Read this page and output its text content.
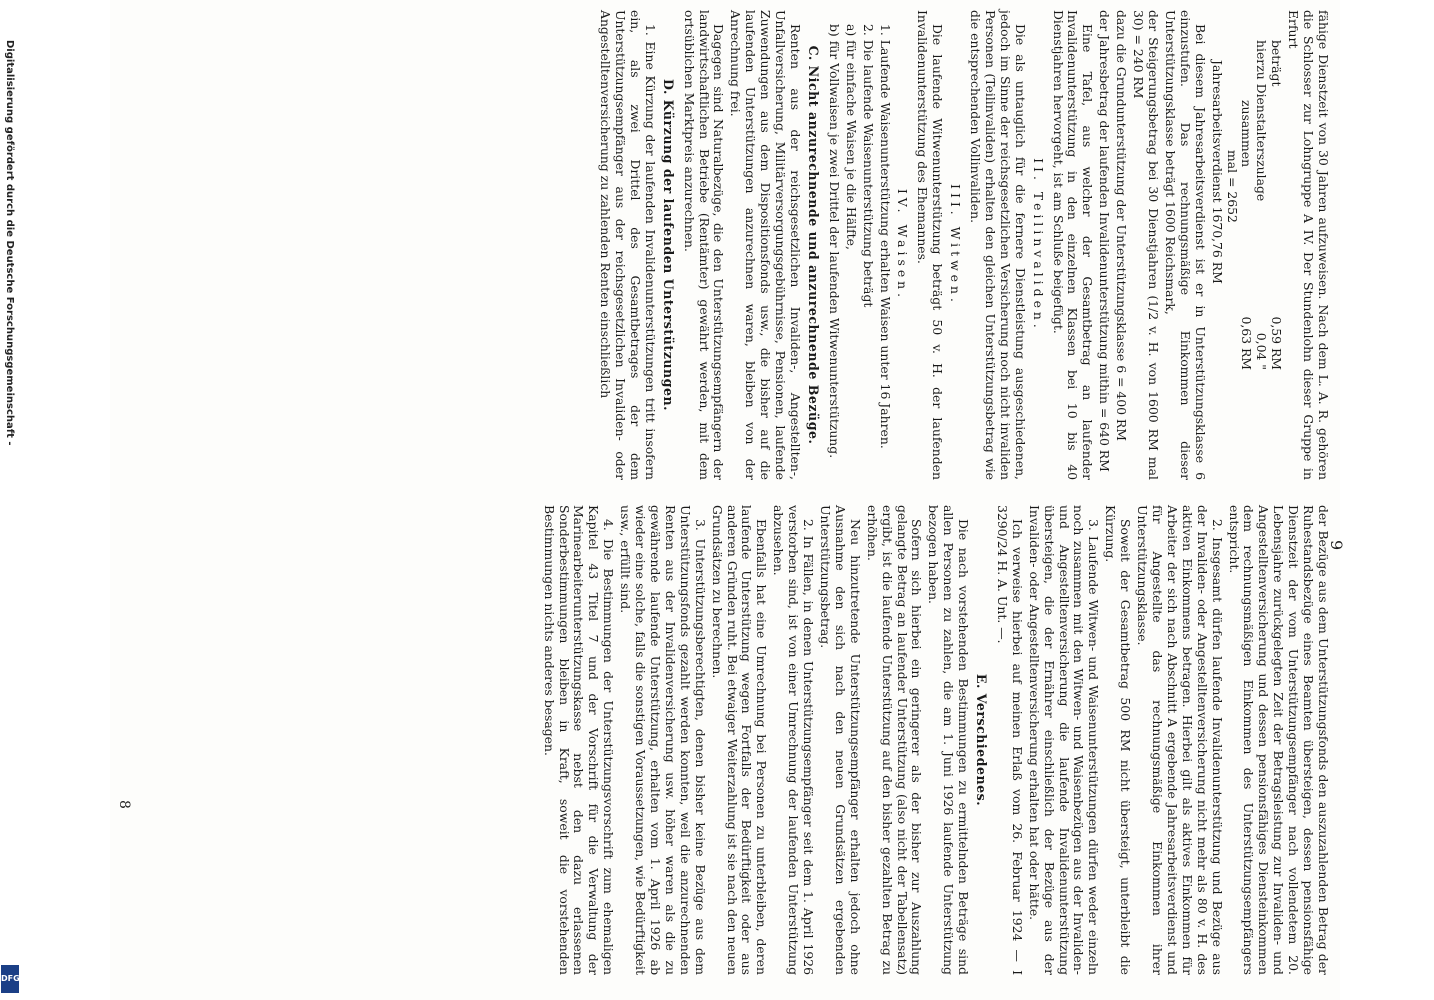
Digitalisierung gefördert durch die Deutsche Forschungsgemeinschaft -
DFG
9

fähige Dienstzeit von 30 Jahren aufzuweisen. Nach dem L. A. R. gehören die Schlosser zur Lohngruppe A IV. Der Stundenlohn dieser Gruppe in Erfurt

beträgt
0,59 RM
hierzu Dienstalterszulage
0,04 "
zusammen
0,63 RM
mal = 2652
Jahresarbeitsverdienst 1670,76 RM

Bei diesem Jahresarbeitsverdienst ist er in Unterstützungsklasse 6 einzustufen. Das rechnungsmäßige Einkommen dieser Unterstützungsklasse beträgt 1600 Reichsmark,

der Steigerungsbetrag bei 30 Dienstjahren (1/2 v. H. von 1600 RM mal 30) = 240 RM

dazu die Grundunterstützung der Unterstützungsklasse 6 = 400 RM

der Jahresbetrag der laufenden Invalidenunterstützung mithin = 640 RM

Eine Tafel, aus welcher der Gesamtbetrag an laufender Invalidenunterstützung in den einzelnen Klassen bei 10 bis 40 Dienstjahren hervorgeht, ist am Schluße beigefügt.

II. Teilinvaliden.

Die als untauglich für die fernere Dienstleistung ausgeschiedenen, jedoch im Sinne der reichsgesetzlichen Versicherung noch nicht invaliden Personen (Teilinvaliden) erhalten den gleichen Unterstützungsbetrag wie die entsprechenden Vollinvaliden.

III. Witwen.

Die laufende Witwenunterstützung beträgt 50 v. H. der laufenden Invalidenunterstützung des Ehemannes.

IV. Waisen.

1. Laufende Waisenunterstützung erhalten Waisen unter 16 Jahren.

2. Die laufende Waisenunterstützung beträgt

a) für einfache Waisen je die Hälfte,

b) für Vollwaisen je zwei Drittel der laufenden Witwenunterstützung.

C. Nicht anzurechnende und anzurechnende Bezüge.

Renten aus der reichsgesetzlichen Invaliden-, Angestellten-, Unfallversicherung, Militärversorgungsgebührnisse, Pensionen, laufende Zuwendungen aus dem Dispositionsfonds usw., die bisher auf die laufenden Unterstützungen anzurechnen waren, bleiben von der Anrechnung frei.

Dagegen sind Naturalbezüge, die den Unterstützungsempfängern der landwirtschaftlichen Betriebe (Rentämter) gewährt werden, mit dem ortsüblichen Marktpreis anzurechnen.

D. Kürzung der laufenden Unterstützungen.

1. Eine Kürzung der laufenden Invalidenunterstützungen tritt insofern ein, als zwei Drittel des Gesamtbetrages der dem Unterstützungsempfänger aus der reichsgesetzlichen Invaliden- oder Angestelltenversicherung zu zahlenden Renten einschließlich

der Bezüge aus dem Unterstützungsfonds den auszuzahlenden Betrag der Ruhestandsbezüge eines Beamten übersteigen, dessen pensionsfähige Dienstzeit der vom Unterstützungsempfänger nach vollendetem 20. Lebensjahre zurückgelegten Zeit der Betragsleistung zur Invaliden- und Angestelltenversicherung und dessen pensionsfähiges Diensteinkommen dem rechnungsmäßigen Einkommen des Unterstützungsempfängers entspricht.

2. Insgesamt dürfen laufende Invalidenunterstützung und Bezüge aus der Invaliden- oder Angestelltenversicherung nicht mehr als 80 v. H. des aktiven Einkommens betragen. Hierbei gilt als aktives Einkommen für Arbeiter der sich nach Abschnitt A ergebende Jahresarbeitsverdienst und für Angestellte das rechnungsmäßige Einkommen ihrer Unterstützungsklasse.

Soweit der Gesamtbetrag 500 RM nicht übersteigt, unterbleibt die Kürzung.

3. Laufende Witwen- und Waisenunterstützungen dürfen weder einzeln noch zusammen mit den Witwen- und Waisenbezügen aus der Invaliden- und Angestelltenversicherung die laufende Invalidenunterstützung übersteigen, die der Ernährer einschließlich der Bezüge aus der Invaliden- oder Angestelltenversicherung erhalten hat oder hätte.

Ich verweise hierbei auf meinen Erlaß vom 26. Februar 1924 — I 3290/24 H. A. Unt. —.

E. Verschiedenes.

Die nach vorstehenden Bestimmungen zu ermittelnden Beträge sind allen Personen zu zahlen, die am 1. Juni 1926 laufende Unterstützung bezogen haben.

Sofern sich hierbei ein geringerer als der bisher zur Auszahlung gelangte Betrag an laufender Unterstützung (also nicht der Tabellensatz) ergibt, ist die laufende Unterstützung auf den bisher gezahlten Betrag zu erhöhen.

Neu hinzutretende Unterstützungsempfänger erhalten jedoch ohne Ausnahme den sich nach den neuen Grundsätzen ergebenden Unterstützungsbetrag.

2. In Fällen, in denen Unterstützungsempfänger seit dem 1. April 1926 verstorben sind, ist von einer Umrechnung der laufenden Unterstützung abzusehen.

Ebenfalls hat eine Umrechnung bei Personen zu unterbleiben, deren laufende Unterstützung wegen Fortfalls der Bedürftigkeit oder aus anderen Gründen ruht. Bei etwaiger Weiterzahlung ist sie nach den neuen Grundsätzen zu berechnen.

3. Unterstützungsberechtigten, denen bisher keine Bezüge aus dem Unterstützungsfonds gezahlt werden konnten, weil die anzurechnenden Renten aus der Invalidenversicherung usw. höher waren als die zu gewährende laufende Unterstützung, erhalten vom 1. April 1926 ab wieder eine solche, falls die sonstigen Voraussetzungen, wie Bedürftigkeit usw., erfüllt sind.

4. Die Bestimmungen der Unterstützungsvorschrift zum ehemaligen Kapitel 43 Titel 7 und der Vorschrift für die Verwaltung der Marinearbeiterunterstützungskasse nebst den dazu erlassenen Sonderbestimmungen bleiben in Kraft, soweit die vorstehenden Bestimmungen nichts anderes besagen.

8
